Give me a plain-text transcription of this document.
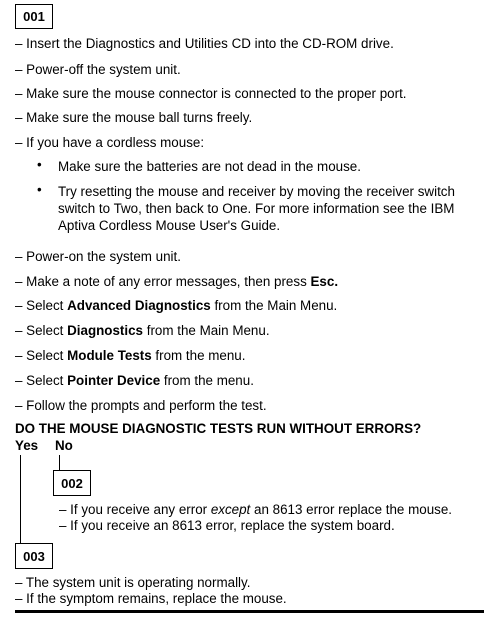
001
– Insert the Diagnostics and Utilities CD into the CD-ROM drive.
– Power-off the system unit.
– Make sure the mouse connector is connected to the proper port.
– Make sure the mouse ball turns freely.
– If you have a cordless mouse:
• Make sure the batteries are not dead in the mouse.
• Try resetting the mouse and receiver by moving the receiver switch
switch to Two, then back to One. For more information see the IBM
Aptiva Cordless Mouse User's Guide.
– Power-on the system unit.
– Make a note of any error messages, then press Esc.
– Select Advanced Diagnostics from the Main Menu.
– Select Diagnostics from the Main Menu.
– Select Module Tests from the menu.
– Select Pointer Device from the menu.
– Follow the prompts and perform the test.
DO THE MOUSE DIAGNOSTIC TESTS RUN WITHOUT ERRORS?
Yes No
002
– If you receive any error except an 8613 error replace the mouse.
– If you receive an 8613 error, replace the system board.
003
– The system unit is operating normally.
– If the symptom remains, replace the mouse.
